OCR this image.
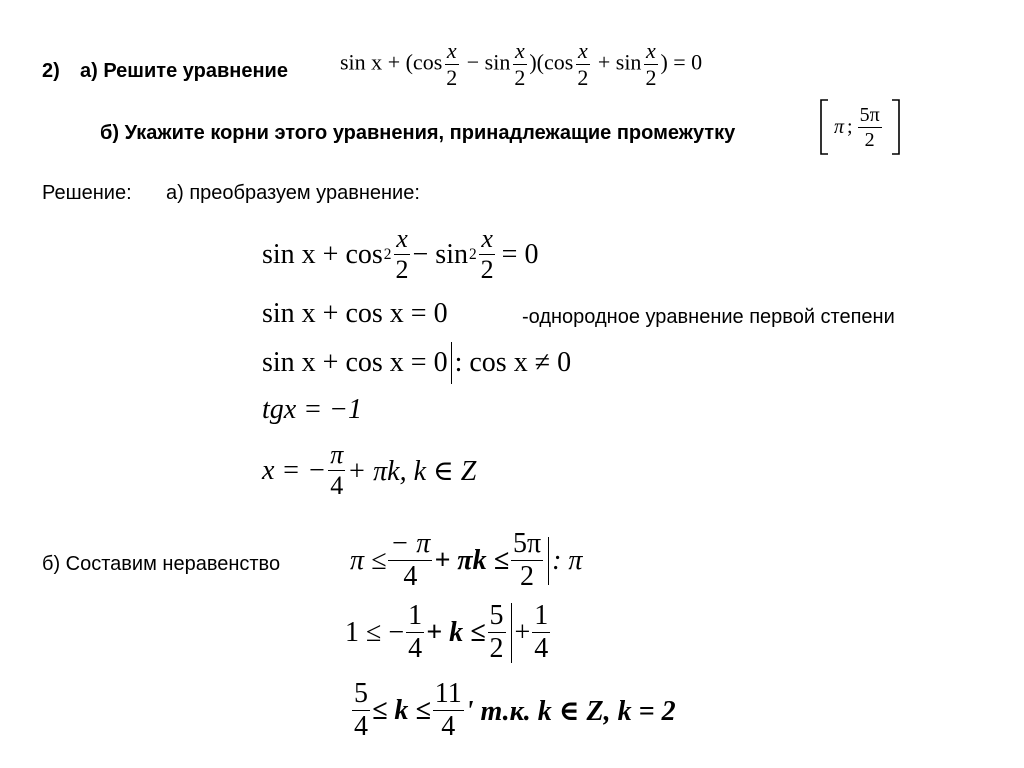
2) а) Решите уравнение $\sin x + (\cos \frac{x}{2} - \sin \frac{x}{2} )(\cos \frac{x}{2} + \sin \frac{x}{2}$ ) = 0
б) Укажите корни этого уравнения, принадлежащие промежутку	π ; $\frac{5\pi}{2}$
Решение: а) преобразуем уравнение:
$\sin x + \cos 2 \frac{x}{2} - \sin 2 \frac{x}{2} = 0$
sin x + cos x = 0	-однородное уравнение первой степени
sin x + cos x = 0 : cos x ≠ 0
tgx = −1
x = − $\frac{\pi}{4} + \pi k$, k ∈ Z
б) Составим неравенство $\pi \le \frac{- \pi}{4} + \pi k \le \frac{5\pi}{2}$ : π
1 ≤ − $\frac{1}{4} + k \le \frac{5}{2} + \frac{1}{4}$
$\frac{5}{4} \le k \le \frac{11}{4}$ ' т.к. k ∈ Z, k = 2
